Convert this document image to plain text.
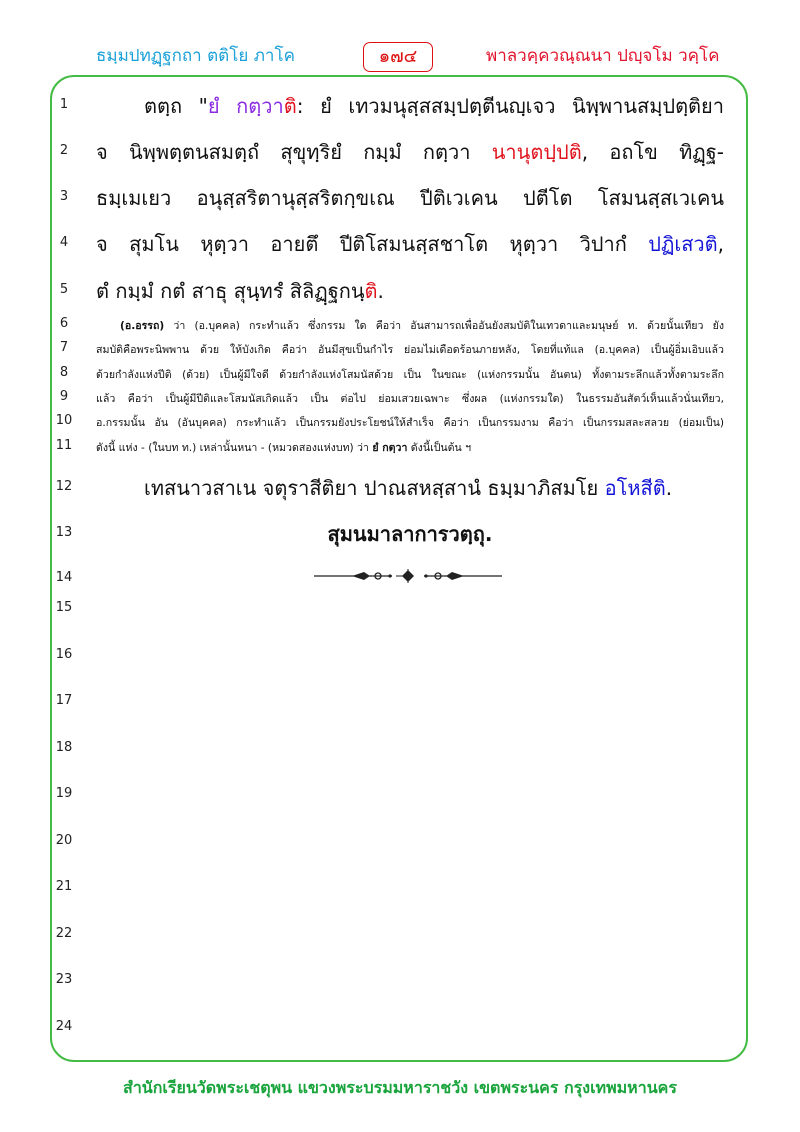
ธมฺมปทฏฺฐกถา ตติโย ภาโค	๑๗๔	พาลวคฺควณฺณนา ปญฺจโม วคฺโค
1
2
3
4
5
6
7
8
9
10
11
12
13
14
15
16
17
18
19
20
21
22
23
24
ตตฺถ "ยํ กตฺวาติ: ยํ เทวมนุสฺสสมฺปตฺตีนญฺเจว นิพฺพานสมฺปตฺติยา
จ นิพฺพตฺตนสมตฺถํ สุขุทฺริยํ กมฺมํ กตฺวา นานุตปฺปติ, อถโข ทิฏฺฐ-
ธมฺเมเยว อนุสฺสริตานุสฺสริตกฺขเณ ปีติเวเคน ปตีโต โสมนสฺสเวเคน
จ สุมโน หุตฺวา อายตึ ปีติโสมนสฺสชาโต หุตฺวา วิปากํ ปฏิเสวติ,
ตํ กมฺมํ กตํ สาธุ สุนฺทรํ สิลิฏฺฐกนฺติ.
(อ.อรรถ) ว่า (อ.บุคคล) กระทำแล้ว ซึ่งกรรม ใด คือว่า อันสามารถเพื่ออันยังสมบัติในเทวดาและมนุษย์ ท. ด้วยนั้นเทียว ยัง
สมบัติคือพระนิพพาน ด้วย ให้บังเกิด คือว่า อันมีสุขเป็นกำไร ย่อมไม่เดือดร้อนภายหลัง, โดยที่แท้แล (อ.บุคคล) เป็นผู้อิ่มเอิบแล้ว
ด้วยกำลังแห่งปีติ (ด้วย) เป็นผู้มีใจดี ด้วยกำลังแห่งโสมนัสด้วย เป็น ในขณะ (แห่งกรรมนั้น อันตน) ทั้งตามระลึกแล้วทั้งตามระลึก
แล้ว คือว่า เป็นผู้มีปีติและโสมนัสเกิดแล้ว เป็น ต่อไป ย่อมเสวยเฉพาะ ซึ่งผล (แห่งกรรมใด) ในธรรมอันสัตว์เห็นแล้วนั่นเทียว,
อ.กรรมนั้น อัน (อันบุคคล) กระทำแล้ว เป็นกรรมยังประโยชน์ให้สำเร็จ คือว่า เป็นกรรมงาม คือว่า เป็นกรรมสละสลวย (ย่อมเป็น)
ดังนี้ แห่ง - (ในบท ท.) เหล่านั้นหนา - (หมวดสองแห่งบท) ว่า ยํ กตฺวา ดังนี้เป็นต้น ฯ
เทสนาวสาเน จตุราสีติยา ปาณสหสฺสานํ ธมฺมาภิสมโย อโหสีติ.
สุมนมาลาการวตฺถุ.
สำนักเรียนวัดพระเชตุพน แขวงพระบรมมหาราชวัง เขตพระนคร กรุงเทพมหานคร
